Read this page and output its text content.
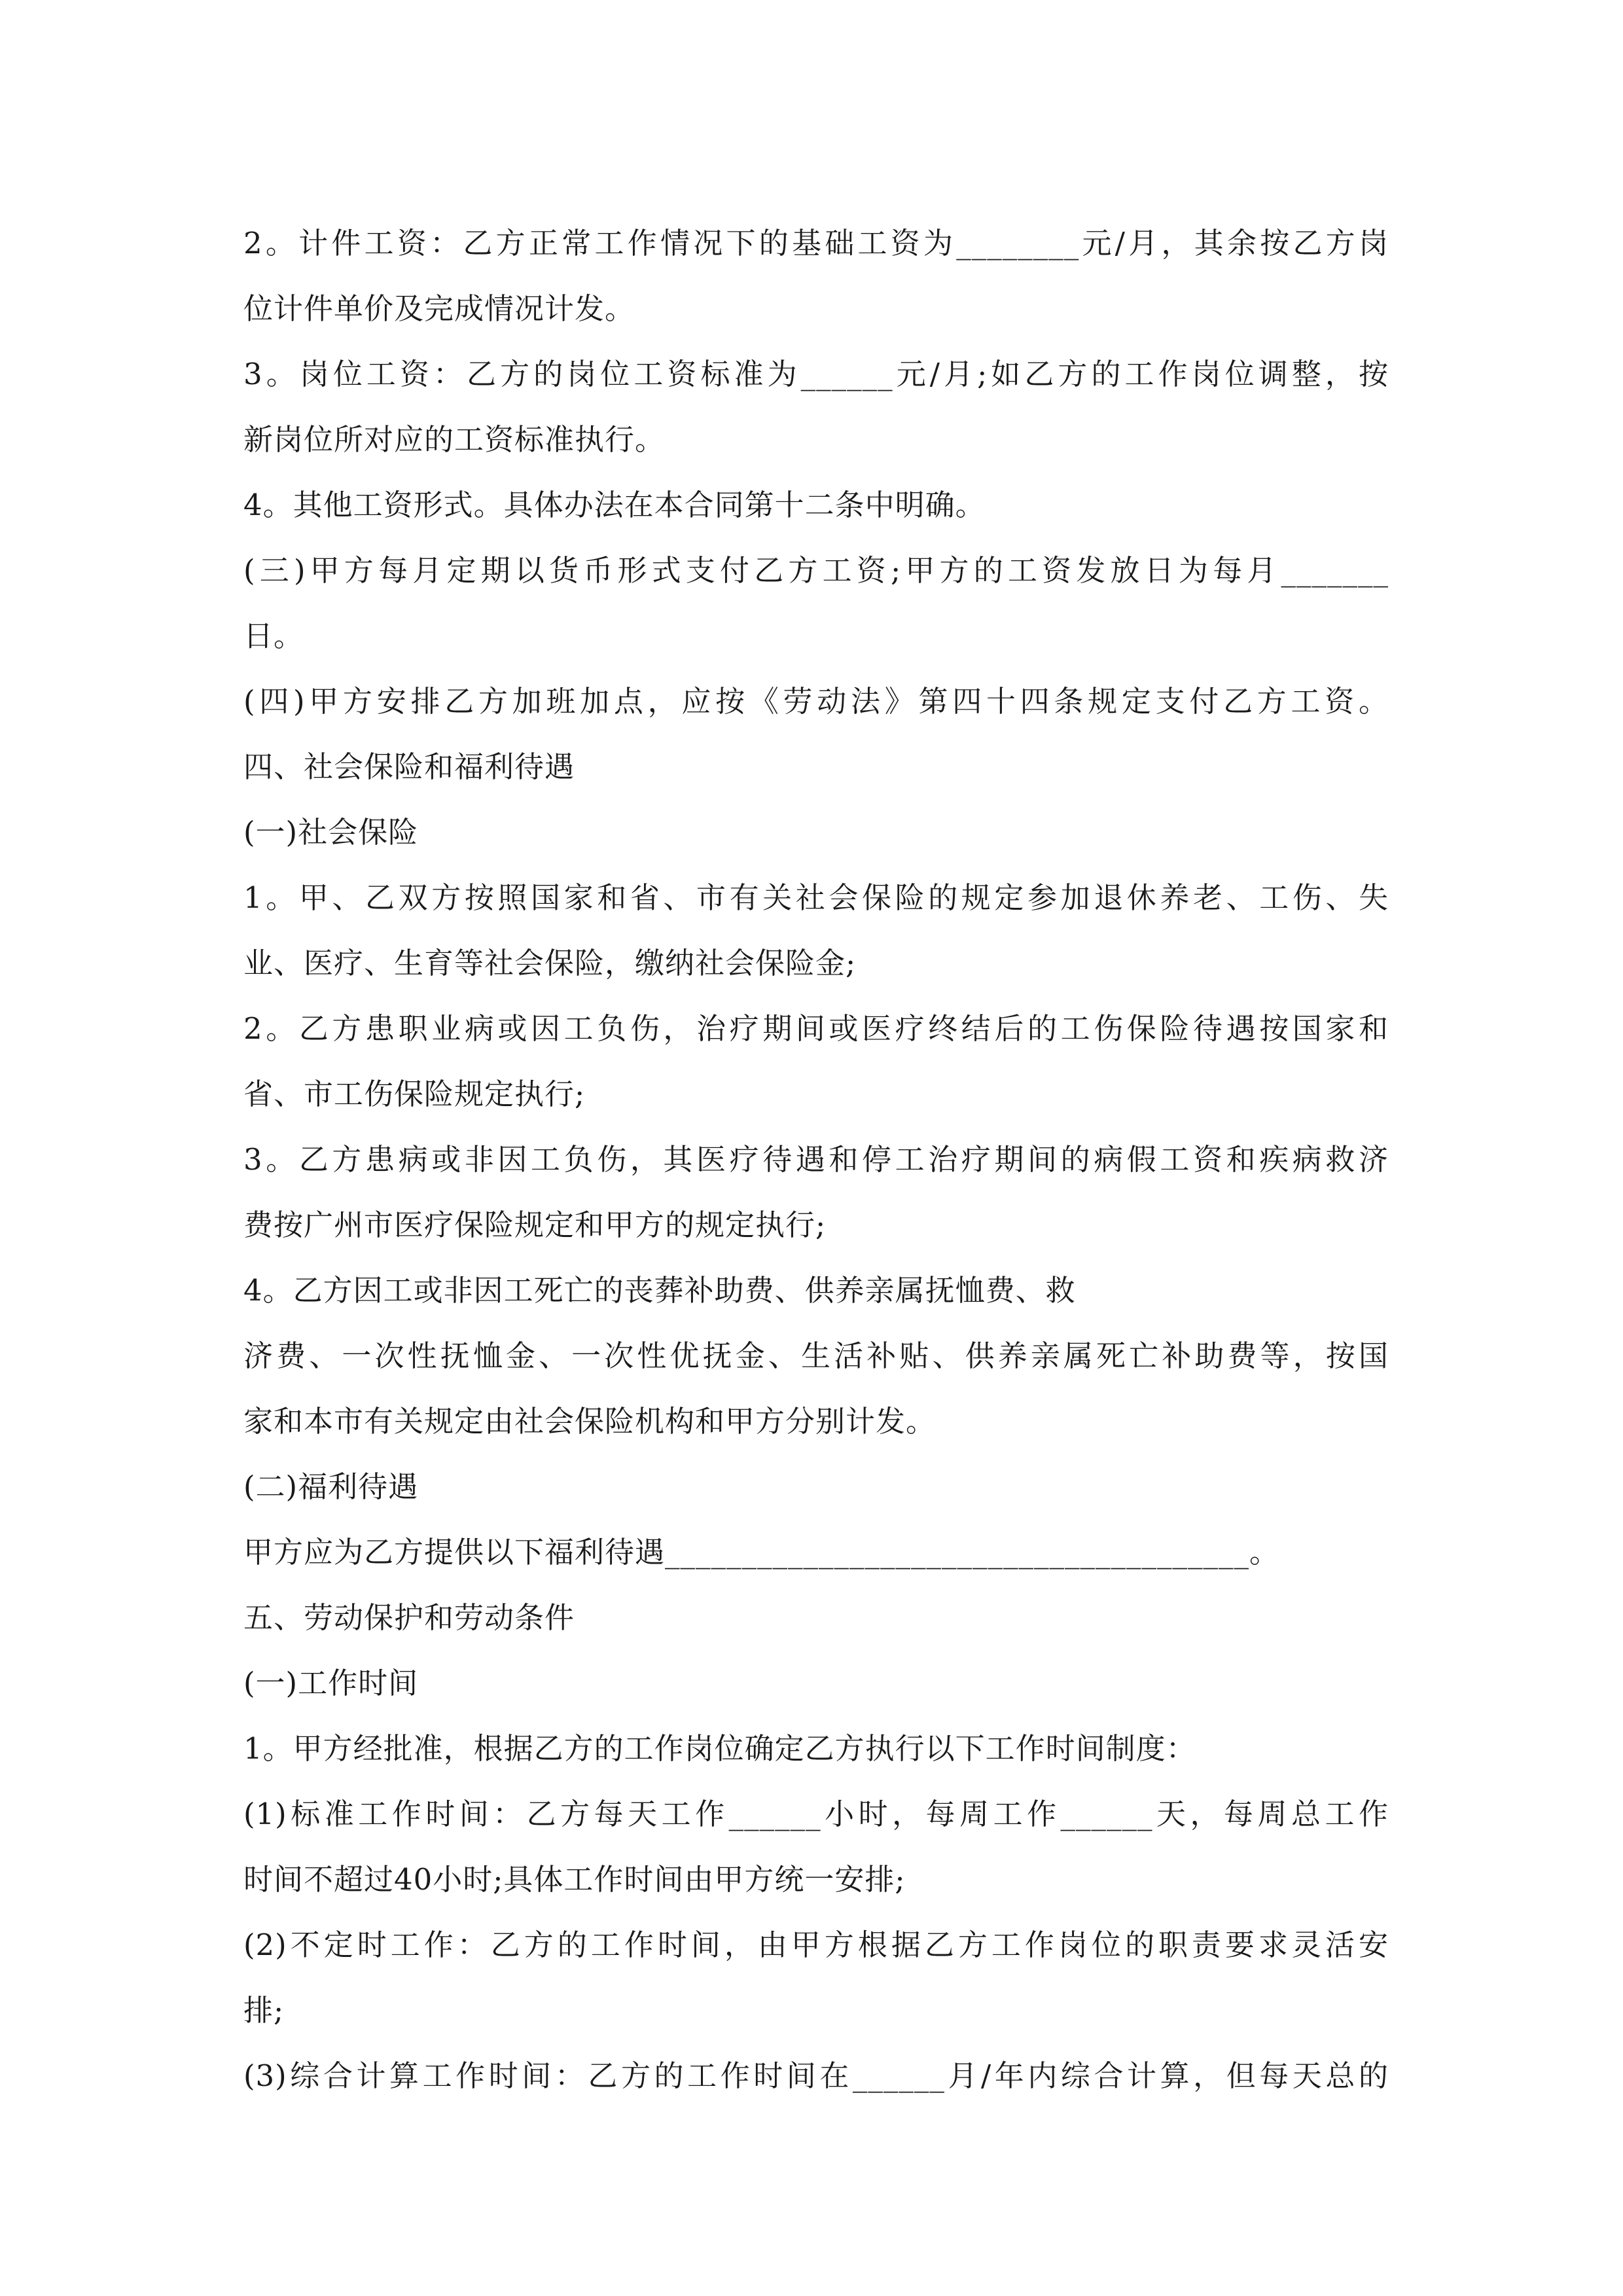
2。计件工资：乙方正常工作情况下的基础工资为________元/月，其余按乙方岗
位计件单价及完成情况计发。
3。岗位工资：乙方的岗位工资标准为______元/月;如乙方的工作岗位调整，按
新岗位所对应的工资标准执行。
4。其他工资形式。具体办法在本合同第十二条中明确。
(三)甲方每月定期以货币形式支付乙方工资;甲方的工资发放日为每月_______
日。
(四)甲方安排乙方加班加点，应按《劳动法》第四十四条规定支付乙方工资。
四、社会保险和福利待遇
(一)社会保险
1。甲、乙双方按照国家和省、市有关社会保险的规定参加退休养老、工伤、失
业、医疗、生育等社会保险，缴纳社会保险金;
2。乙方患职业病或因工负伤，治疗期间或医疗终结后的工伤保险待遇按国家和
省、市工伤保险规定执行;
3。乙方患病或非因工负伤，其医疗待遇和停工治疗期间的病假工资和疾病救济
费按广州市医疗保险规定和甲方的规定执行;
4。乙方因工或非因工死亡的丧葬补助费、供养亲属抚恤费、救
济费、一次性抚恤金、一次性优抚金、生活补贴、供养亲属死亡补助费等，按国
家和本市有关规定由社会保险机构和甲方分别计发。
(二)福利待遇
甲方应为乙方提供以下福利待遇______________________________________。
五、劳动保护和劳动条件
(一)工作时间
1。甲方经批准，根据乙方的工作岗位确定乙方执行以下工作时间制度：
(1)标准工作时间：乙方每天工作______小时，每周工作______天，每周总工作
时间不超过40小时;具体工作时间由甲方统一安排;
(2)不定时工作：乙方的工作时间，由甲方根据乙方工作岗位的职责要求灵活安
排;
(3)综合计算工作时间：乙方的工作时间在______月/年内综合计算，但每天总的
